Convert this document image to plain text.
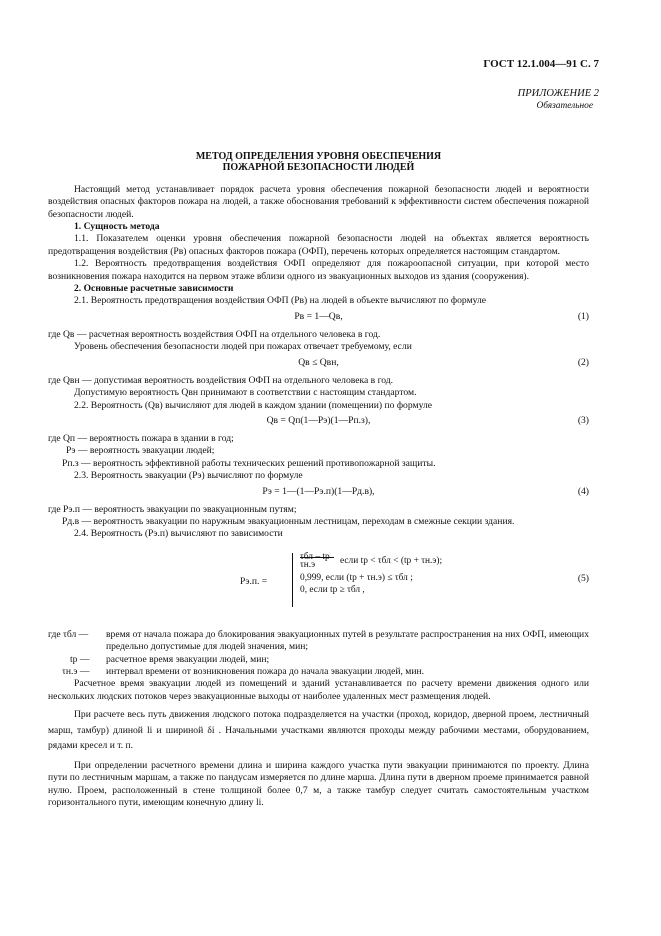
ГОСТ 12.1.004—91 С. 7
ПРИЛОЖЕНИЕ 2
Обязательное
МЕТОД ОПРЕДЕЛЕНИЯ УРОВНЯ ОБЕСПЕЧЕНИЯ
ПОЖАРНОЙ БЕЗОПАСНОСТИ ЛЮДЕЙ

Настоящий метод устанавливает порядок расчета уровня обеспечения пожарной безопасности людей и вероятности воздействия опасных факторов пожара на людей, а также обоснования требований к эффективности систем обеспечения пожарной безопасности людей.

1. Сущность метода

1.1. Показателем оценки уровня обеспечения пожарной безопасности людей на объектах является вероятность предотвращения воздействия (Pв) опасных факторов пожара (ОФП), перечень которых определяется настоящим стандартом.

1.2. Вероятность предотвращения воздействия ОФП определяют для пожароопасной ситуации, при которой место возникновения пожара находится на первом этаже вблизи одного из эвакуационных выходов из здания (сооружения).

2. Основные расчетные зависимости

2.1. Вероятность предотвращения воздействия ОФП (Pв) на людей в объекте вычисляют по формуле

Pв = 1—Qв,	(1)

где Qв — расчетная вероятность воздействия ОФП на отдельного человека в год.

Уровень обеспечения безопасности людей при пожарах отвечает требуемому, если

Qв ≤ Qвн,	(2)

где Qвн — допустимая вероятность воздействия ОФП на отдельного человека в год.

Допустимую вероятность Qвн принимают в соответствии с настоящим стандартом.

2.2. Вероятность (Qв) вычисляют для людей в каждом здании (помещении) по формуле

Qв = Qп(1—Pэ)(1—Pп.з),	(3)

где Qп — вероятность пожара в здании в год;

Pэ — вероятность эвакуации людей;

Pп.з — вероятность эффективной работы технических решений противопожарной защиты.

2.3. Вероятность эвакуации (Pэ) вычисляют по формуле

Pэ = 1—(1—Pэ.п)(1—Pд.в),	(4)

где Pэ.п — вероятность эвакуации по эвакуационным путям;

Pд.в — вероятность эвакуации по наружным эвакуационным лестницам, переходам в смежные секции здания.

2.4. Вероятность (Pэ.п) вычисляют по зависимости

Pэ.п. =
τбл – tр
τн.э	если tр < τбл < (tр + τн.э);
0,999, если (tр + τн.э) ≤ τбл ;
0, если tр ≥ τбл ,
(5)
где τбл —	время от начала пожара до блокирования эвакуационных путей в результате распространения на них ОФП, имеющих предельно допустимые для людей значения, мин;
tр —	расчетное время эвакуации людей, мин;
τн.э —	интервал времени от возникновения пожара до начала эвакуации людей, мин.

Расчетное время эвакуации людей из помещений и зданий устанавливается по расчету времени движения одного или нескольких людских потоков через эвакуационные выходы от наиболее удаленных мест размещения людей.

При расчете весь путь движения людского потока подразделяется на участки (проход, коридор, дверной проем, лестничный марш, тамбур) длиной li и шириной δi . Начальными участками являются проходы между рабочими местами, оборудованием, рядами кресел и т. п.

При определении расчетного времени длина и ширина каждого участка пути эвакуации принимаются по проекту. Длина пути по лестничным маршам, а также по пандусам измеряется по длине марша. Длина пути в дверном проеме принимается равной нулю. Проем, расположенный в стене толщиной более 0,7 м, а также тамбур следует считать самостоятельным участком горизонтального пути, имеющим конечную длину li.
